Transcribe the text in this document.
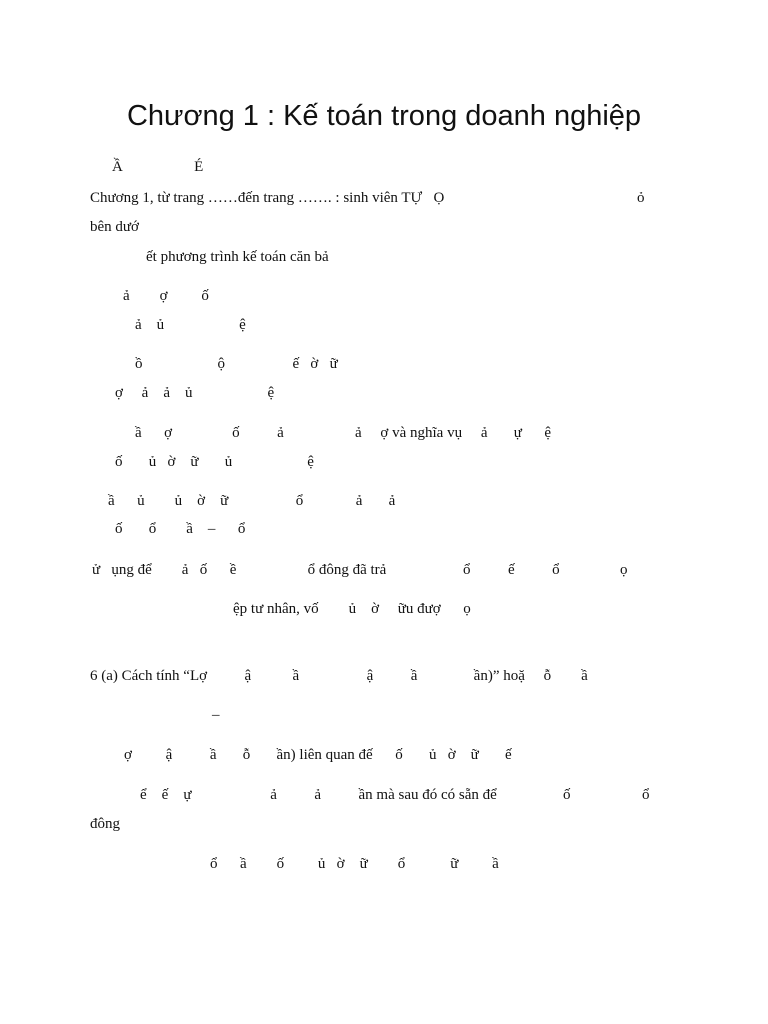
Chương 1 : Kế toán trong doanh nghiệp
Ầ                   É
Chương 1, từ trang ……đến trang ……. : sinh viên TỰ   Ọ	ỏ
bên dướ
ết phương trình kế toán căn bả
ả        ợ         ố
ả    ủ                    ệ
ồ                    ộ                  ế   ờ   ữ
ợ     ả    ả    ủ                    ệ
ầ      ợ                ố          ả                   ả     ợ và nghĩa vụ     ả       ự      ệ
ố       ủ   ờ    ữ       ủ                    ệ
ầ      ủ        ủ    ờ    ữ                  ổ              ả       ả
ố       ổ        ầ    –      ổ
ử   ụng để        ả   ố      ề                   ổ đông đã trả	ổ          ế          ổ	ọ
ệp tư nhân, vố        ủ    ờ     ữu đượ      ọ
6 (a) Cách tính “Lợ          ậ           ầ                  ậ          ầ               ần)” hoặ     ỗ        ầ
–
ợ         ậ          ầ       ỗ       ần) liên quan đế      ố       ủ   ờ    ữ       ế
ể    ế    ự                     ả          ả          ần mà sau đó có sẵn để	ố	ổ
đông
ổ      ầ        ố         ủ   ờ    ữ        ổ            ữ         ầ
